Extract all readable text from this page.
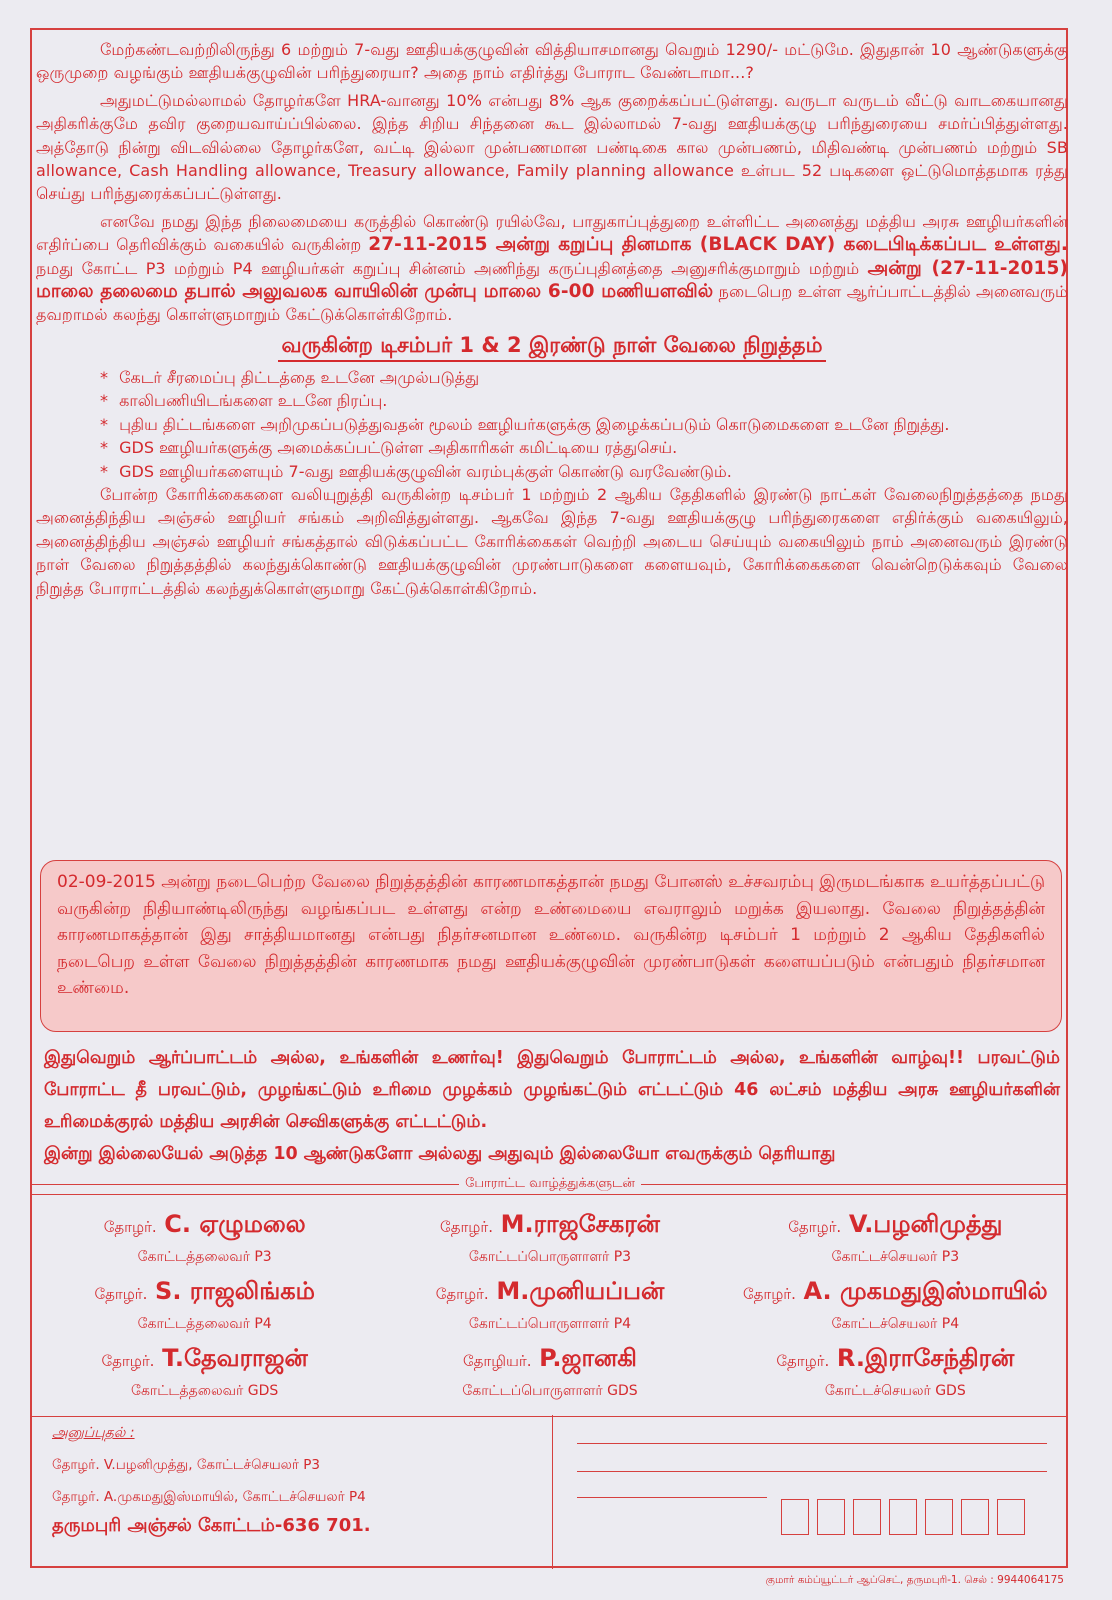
மேற்கண்டவற்றிலிருந்து 6 மற்றும் 7-வது ஊதியக்குழுவின் வித்தியாசமானது வெறும் 1290/- மட்டுமே. இதுதான் 10 ஆண்டுகளுக்கு ஒருமுறை வழங்கும் ஊதியக்குழுவின் பரிந்துரையா? அதை நாம் எதிர்த்து போராட வேண்டாமா...?

அதுமட்டுமல்லாமல் தோழர்களே HRA-வானது 10% என்பது 8% ஆக குறைக்கப்பட்டுள்ளது. வருடா வருடம் வீட்டு வாடகையானது அதிகரிக்குமே தவிர குறையவாய்ப்பில்லை. இந்த சிறிய சிந்தனை கூட இல்லாமல் 7-வது ஊதியக்குழு பரிந்துரையை சமர்ப்பித்துள்ளது. அத்தோடு நின்று விடவில்லை தோழர்களே, வட்டி இல்லா முன்பணமான பண்டிகை கால முன்பணம், மிதிவண்டி முன்பணம் மற்றும் SB allowance, Cash Handling allowance, Treasury allowance, Family planning allowance உள்பட 52 படிகளை ஒட்டுமொத்தமாக ரத்து செய்து பரிந்துரைக்கப்பட்டுள்ளது.

எனவே நமது இந்த நிலைமையை கருத்தில் கொண்டு ரயில்வே, பாதுகாப்புத்துறை உள்ளிட்ட அனைத்து மத்திய அரசு ஊழியர்களின் எதிர்ப்பை தெரிவிக்கும் வகையில் வருகின்ற 27-11-2015 அன்று கறுப்பு தினமாக (BLACK DAY) கடைபிடிக்கப்பட உள்ளது. நமது கோட்ட P3 மற்றும் P4 ஊழியர்கள் கறுப்பு சின்னம் அணிந்து கருப்புதினத்தை அனுசரிக்குமாறும் மற்றும் அன்று (27-11-2015) மாலை தலைமை தபால் அலுவலக வாயிலின் முன்பு மாலை 6-00 மணியளவில் நடைபெற உள்ள ஆர்ப்பாட்டத்தில் அனைவரும் தவறாமல் கலந்து கொள்ளுமாறும் கேட்டுக்கொள்கிறோம்.

வருகின்ற டிசம்பர் 1 & 2 இரண்டு நாள் வேலை நிறுத்தம்
* கேடர் சீரமைப்பு திட்டத்தை உடனே அமுல்படுத்து
* காலிபணியிடங்களை உடனே நிரப்பு.
* புதிய திட்டங்களை அறிமுகப்படுத்துவதன் மூலம் ஊழியர்களுக்கு இழைக்கப்படும் கொடுமைகளை உடனே நிறுத்து.
* GDS ஊழியர்களுக்கு அமைக்கப்பட்டுள்ள அதிகாரிகள் கமிட்டியை ரத்துசெய்.
* GDS ஊழியர்களையும் 7-வது ஊதியக்குழுவின் வரம்புக்குள் கொண்டு வரவேண்டும்.

போன்ற கோரிக்கைகளை வலியுறுத்தி வருகின்ற டிசம்பர் 1 மற்றும் 2 ஆகிய தேதிகளில் இரண்டு நாட்கள் வேலைநிறுத்தத்தை நமது அனைத்திந்திய அஞ்சல் ஊழியர் சங்கம் அறிவித்துள்ளது. ஆகவே இந்த 7-வது ஊதியக்குழு பரிந்துரைகளை எதிர்க்கும் வகையிலும், அனைத்திந்திய அஞ்சல் ஊழியர் சங்கத்தால் விடுக்கப்பட்ட கோரிக்கைகள் வெற்றி அடைய செய்யும் வகையிலும் நாம் அனைவரும் இரண்டு நாள் வேலை நிறுத்தத்தில் கலந்துக்கொண்டு ஊதியக்குழுவின் முரண்பாடுகளை களையவும், கோரிக்கைகளை வென்றெடுக்கவும் வேலை நிறுத்த போராட்டத்தில் கலந்துக்கொள்ளுமாறு கேட்டுக்கொள்கிறோம்.

02-09-2015 அன்று நடைபெற்ற வேலை நிறுத்தத்தின் காரணமாகத்தான் நமது போனஸ் உச்சவரம்பு இருமடங்காக உயர்த்தப்பட்டு வருகின்ற நிதியாண்டிலிருந்து வழங்கப்பட உள்ளது என்ற உண்மையை எவராலும் மறுக்க இயலாது. வேலை நிறுத்தத்தின் காரணமாகத்தான் இது சாத்தியமானது என்பது நிதர்சனமான உண்மை. வருகின்ற டிசம்பர் 1 மற்றும் 2 ஆகிய தேதிகளில் நடைபெற உள்ள வேலை நிறுத்தத்தின் காரணமாக நமது ஊதியக்குழுவின் முரண்பாடுகள் களையப்படும் என்பதும் நிதர்சமான உண்மை.
இதுவெறும் ஆர்ப்பாட்டம் அல்ல, உங்களின் உணர்வு! இதுவெறும் போராட்டம் அல்ல, உங்களின் வாழ்வு!! பரவட்டும் போராட்ட தீ பரவட்டும், முழங்கட்டும் உரிமை முழக்கம் முழங்கட்டும் எட்டட்டும் 46 லட்சம் மத்திய அரசு ஊழியர்களின் உரிமைக்குரல் மத்திய அரசின் செவிகளுக்கு எட்டட்டும்.
இன்று இல்லையேல் அடுத்த 10 ஆண்டுகளோ அல்லது அதுவும் இல்லையோ எவருக்கும் தெரியாது
போராட்ட வாழ்த்துக்களுடன்
தோழர். C. ஏழுமலை
கோட்டத்தலைவர் P3
தோழர். M.ராஜசேகரன்
கோட்டப்பொருளாளர் P3
தோழர். V.பழனிமுத்து
கோட்டச்செயலர் P3
தோழர். S. ராஜலிங்கம்
கோட்டத்தலைவர் P4
தோழர். M.முனியப்பன்
கோட்டப்பொருளாளர் P4
தோழர். A. முகமதுஇஸ்மாயில்
கோட்டச்செயலர் P4
தோழர். T.தேவராஜன்
கோட்டத்தலைவர் GDS
தோழியர். P.ஜானகி
கோட்டப்பொருளாளர் GDS
தோழர். R.இராசேந்திரன்
கோட்டச்செயலர் GDS
அனுப்புதல் :
தோழர். V.பழனிமுத்து, கோட்டச்செயலர் P3
தோழர். A.முகமதுஇஸ்மாயில், கோட்டச்செயலர் P4
தருமபுரி அஞ்சல் கோட்டம்-636 701.
குமார் கம்ப்யூட்டர் ஆப்செட், தருமபுரி-1. செல் : 9944064175
